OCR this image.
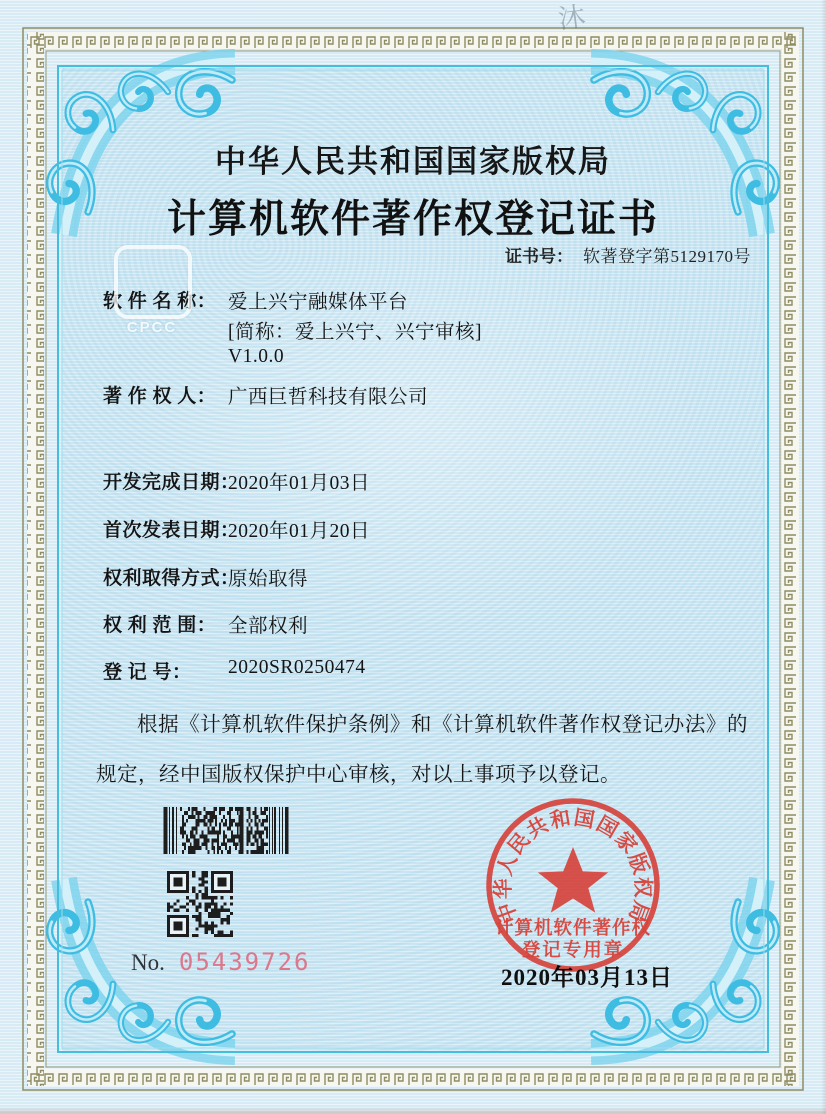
沐
中华人民共和国国家版权局
计算机软件著作权登记证书
证书号： 软著登字第5129170号
CPCC
软 件 名 称： 爱上兴宁融媒体平台
[简称：爱上兴宁、兴宁审核]
V1.0.0
著 作 权 人： 广西巨哲科技有限公司
开发完成日期：
2020年01月03日
首次发表日期：
2020年01月20日
权利取得方式：
原始取得
权 利 范 围： 全部权利
登 记 号： 2020SR0250474
根据《计算机软件保护条例》和《计算机软件著作权登记办法》的规定，经中国版权保护中心审核，对以上事项予以登记。
No. 05439726
2020年03月13日
中华人民共和国国家版权局
计算机软件著作权
登记专用章
